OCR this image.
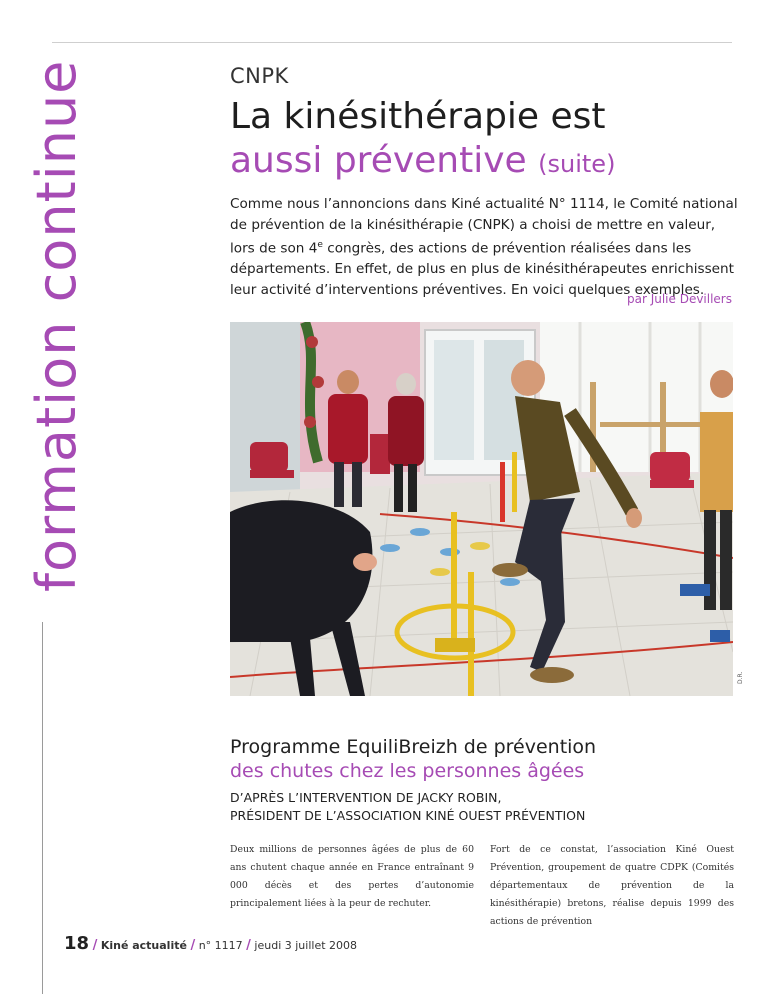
formation continue	CNPK
La kinésithérapie est
aussi préventive (suite)
Comme nous l’annoncions dans Kiné actualité N° 1114, le Comité national de prévention de la kinésithérapie (CNPK) a choisi de mettre en valeur, lors de son 4e congrès, des actions de prévention réalisées dans les départements. En effet, de plus en plus de kinésithérapeutes enrichissent leur activité d’interventions préventives. En voici quelques exemples.
par Julie Devillers
D.R.
Programme EquiliBreizh de prévention
des chutes chez les personnes âgées
D’APRÈS L’INTERVENTION DE JACKY ROBIN,
PRÉSIDENT DE L’ASSOCIATION KINÉ OUEST PRÉVENTION
Deux millions de personnes âgées de plus de 60 ans chutent chaque année en France entraînant 9 000 décès et des pertes d’autonomie principalement liées à la peur de rechuter.
Fort de ce constat, l’association Kiné Ouest Prévention, groupement de quatre CDPK (Comités départementaux de prévention de la kinésithérapie) bretons, réalise depuis 1999 des actions de prévention
18 / Kiné actualité / n° 1117 / jeudi 3 juillet 2008
